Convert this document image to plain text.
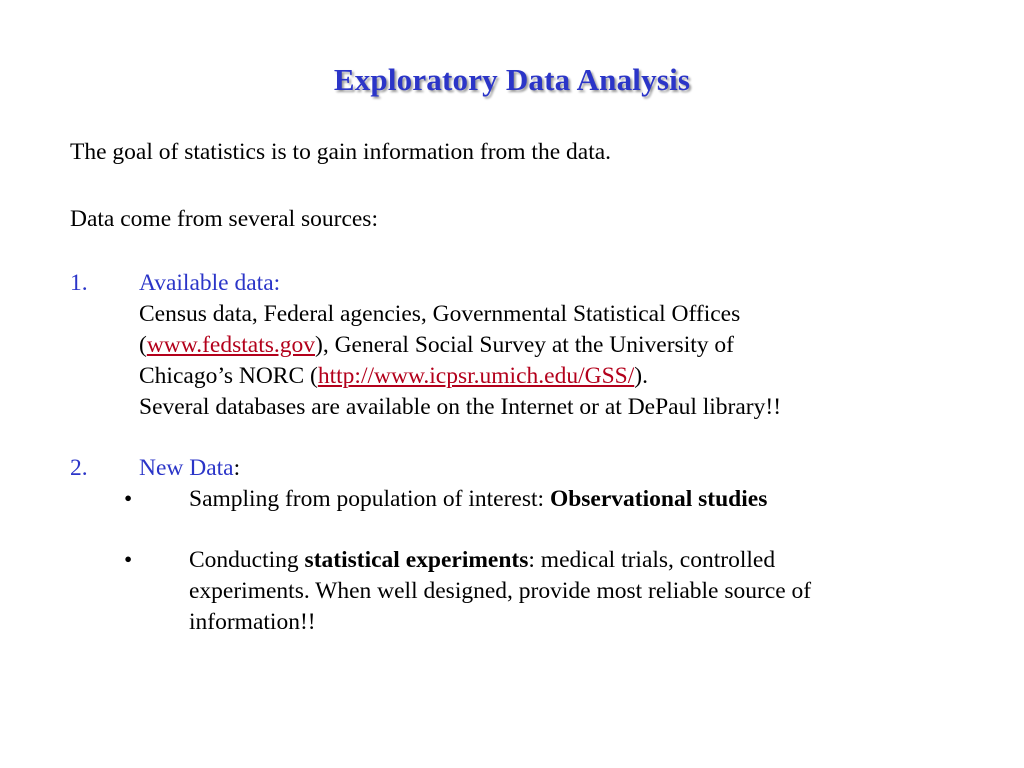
Exploratory Data Analysis
The goal of statistics is to gain information from the data.
Data come from several sources:
1. Available data:
Census data, Federal agencies, Governmental Statistical Offices
(www.fedstats.gov), General Social Survey at the University of
Chicago’s NORC (http://www.icpsr.umich.edu/GSS/).
Several databases are available on the Internet or at DePaul library!!
2. New Data:
• Sampling from population of interest: Observational studies
• Conducting statistical experiments: medical trials, controlled
experiments. When well designed, provide most reliable source of
information!!
